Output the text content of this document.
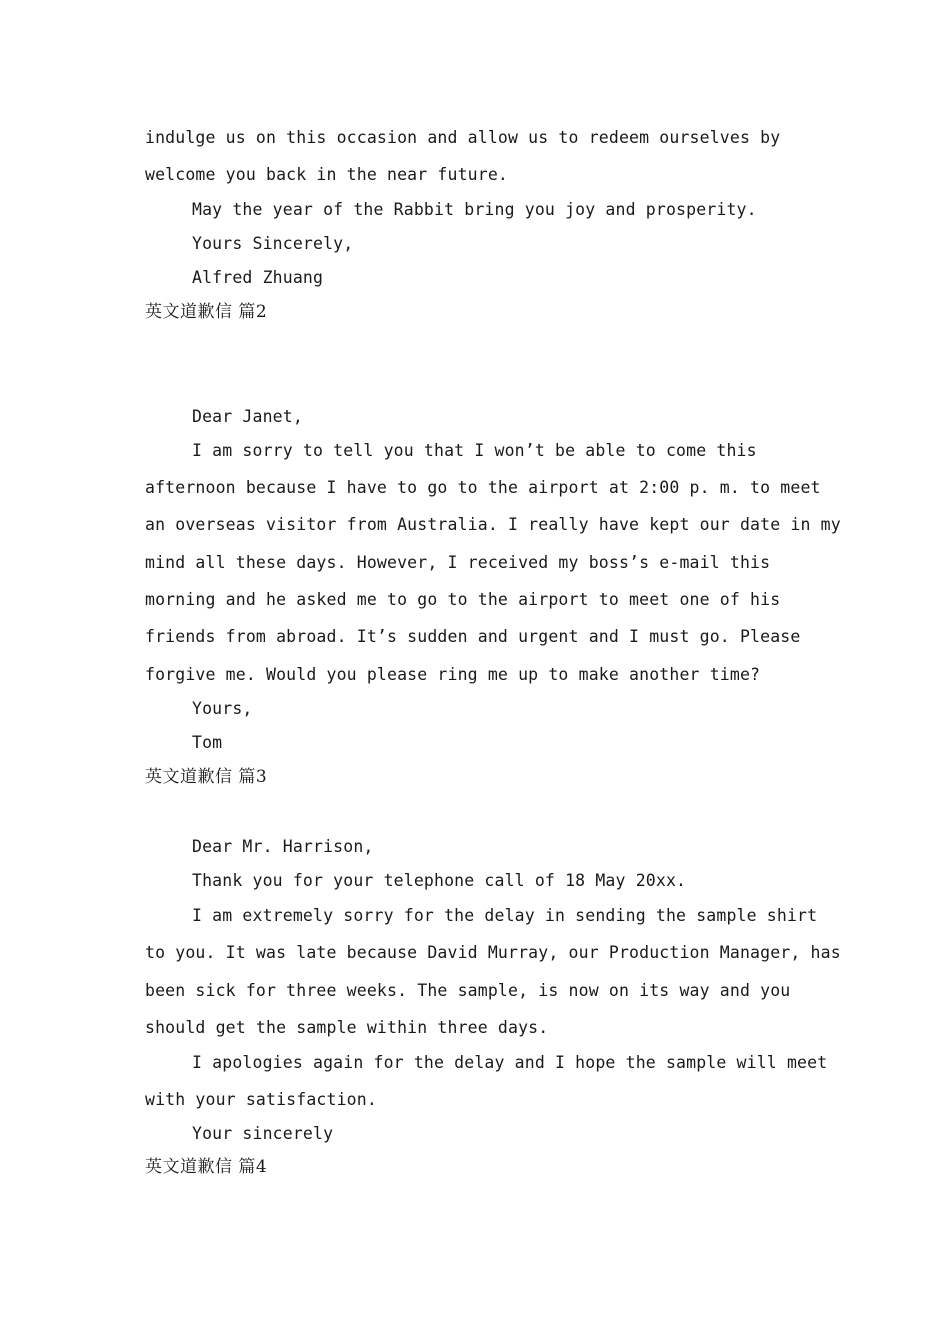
indulge us on this occasion and allow us to redeem ourselves by
welcome you back in the near future.
May the year of the Rabbit bring you joy and prosperity.
Yours Sincerely,
Alfred Zhuang
英文道歉信 篇2
Dear Janet,
I am sorry to tell you that I won’t be able to come this
afternoon because I have to go to the airport at 2:00 p. m. to meet
an overseas visitor from Australia. I really have kept our date in my
mind all these days. However, I received my boss’s e-mail this
morning and he asked me to go to the airport to meet one of his
friends from abroad. It’s sudden and urgent and I must go. Please
forgive me. Would you please ring me up to make another time?
Yours,
Tom
英文道歉信 篇3
Dear Mr. Harrison,
Thank you for your telephone call of 18 May 20xx.
I am extremely sorry for the delay in sending the sample shirt
to you. It was late because David Murray, our Production Manager, has
been sick for three weeks. The sample, is now on its way and you
should get the sample within three days.
I apologies again for the delay and I hope the sample will meet
with your satisfaction.
Your sincerely
英文道歉信 篇4
